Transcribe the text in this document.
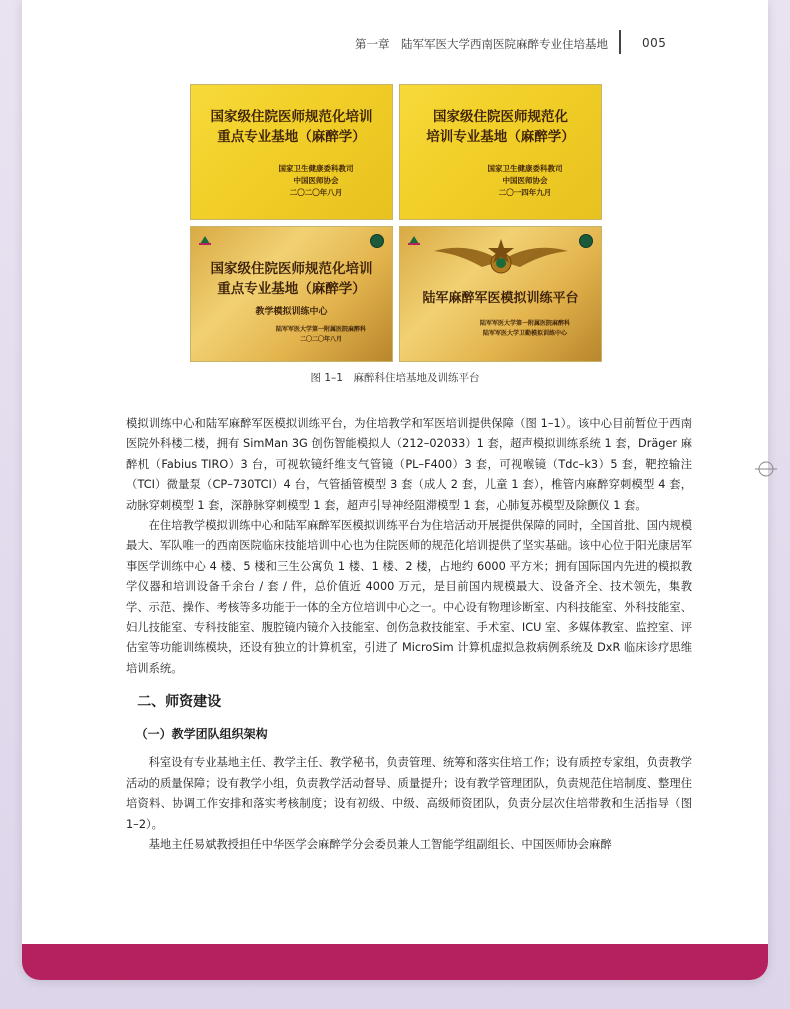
第一章　陆军军医大学西南医院麻醉专业住培基地	005
国家级住院医师规范化培训
重点专业基地（麻醉学）
国家卫生健康委科教司
中国医师协会
二〇二〇年八月
国家级住院医师规范化
培训专业基地（麻醉学）
国家卫生健康委科教司
中国医师协会
二〇一四年九月
国家级住院医师规范化培训
重点专业基地（麻醉学）
教学模拟训练中心
陆军军医大学第一附属医院麻醉科
二〇二〇年八月
陆军麻醉军医模拟训练平台
陆军军医大学第一附属医院麻醉科
陆军军医大学卫勤模拟训练中心
图 1–1　麻醉科住培基地及训练平台

模拟训练中心和陆军麻醉军医模拟训练平台，为住培教学和军医培训提供保障（图 1–1）。该中心目前暂位于西南医院外科楼二楼，拥有 SimMan 3G 创伤智能模拟人（212–02033）1 套，超声模拟训练系统 1 套，Dräger 麻醉机（Fabius TIRO）3 台，可视软镜纤维支气管镜（PL–F400）3 套，可视喉镜（Tdc–k3）5 套，靶控输注（TCI）微量泵（CP–730TCI）4 台，气管插管模型 3 套（成人 2 套，儿童 1 套），椎管内麻醉穿刺模型 4 套，动脉穿刺模型 1 套，深静脉穿刺模型 1 套，超声引导神经阻滞模型 1 套，心肺复苏模型及除颤仪 1 套。

在住培教学模拟训练中心和陆军麻醉军医模拟训练平台为住培活动开展提供保障的同时，全国首批、国内规模最大、军队唯一的西南医院临床技能培训中心也为住院医师的规范化培训提供了坚实基础。该中心位于阳光康居军事医学训练中心 4 楼、5 楼和三生公寓负 1 楼、1 楼、2 楼，占地约 6000 平方米；拥有国际国内先进的模拟教学仪器和培训设备千余台 / 套 / 件，总价值近 4000 万元，是目前国内规模最大、设备齐全、技术领先，集教学、示范、操作、考核等多功能于一体的全方位培训中心之一。中心设有物理诊断室、内科技能室、外科技能室、妇儿技能室、专科技能室、腹腔镜内镜介入技能室、创伤急救技能室、手术室、ICU 室、多媒体教室、监控室、评估室等功能训练模块，还设有独立的计算机室，引进了 MicroSim 计算机虚拟急救病例系统及 DxR 临床诊疗思维培训系统。

二、师资建设
（一）教学团队组织架构

科室设有专业基地主任、教学主任、教学秘书，负责管理、统筹和落实住培工作；设有质控专家组，负责教学活动的质量保障；设有教学小组，负责教学活动督导、质量提升；设有教学管理团队，负责规范住培制度、整理住培资料、协调工作安排和落实考核制度；设有初级、中级、高级师资团队，负责分层次住培带教和生活指导（图 1–2）。

基地主任易斌教授担任中华医学会麻醉学分会委员兼人工智能学组副组长、中国医师协会麻醉
